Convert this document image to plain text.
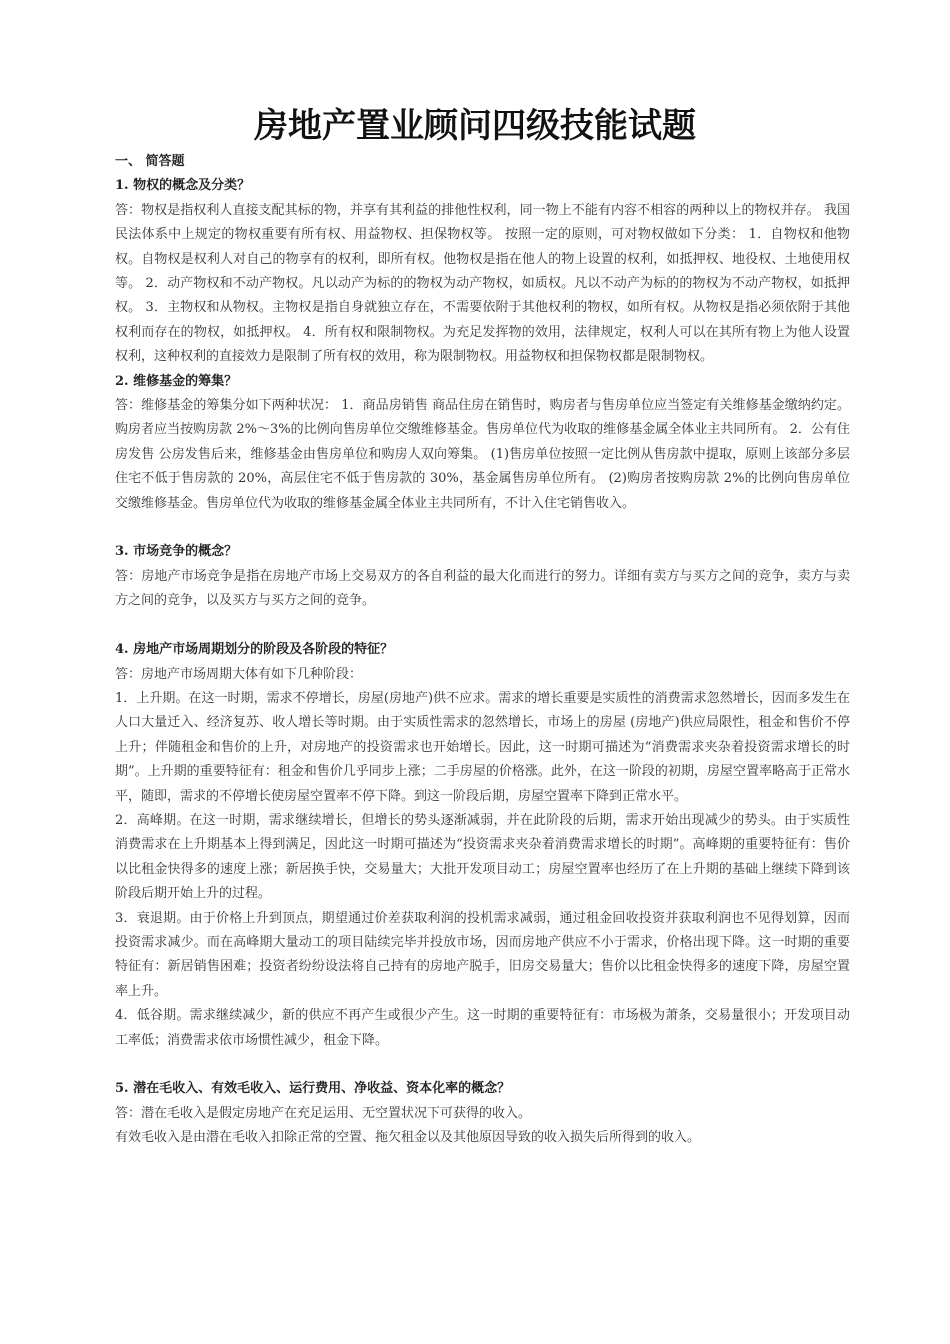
房地产置业顾问四级技能试题

一、 简答题

1. 物权的概念及分类？

答：物权是指权利人直接支配其标的物，并享有其利益的排他性权利，同一物上不能有内容不相容的两种以上的物权并存。 我国民法体系中上规定的物权重要有所有权、用益物权、担保物权等。 按照一定的原则，可对物权做如下分类： 1．自物权和他物权。自物权是权利人对自己的物享有的权利，即所有权。他物权是指在他人的物上设置的权利，如抵押权、地役权、土地使用权等。 2．动产物权和不动产物权。凡以动产为标的的物权为动产物权，如质权。凡以不动产为标的的物权为不动产物权，如抵押权。 3．主物权和从物权。主物权是指自身就独立存在，不需要依附于其他权利的物权，如所有权。从物权是指必须依附于其他权利而存在的物权，如抵押权。 4．所有权和限制物权。为充足发挥物的效用，法律规定，权利人可以在其所有物上为他人设置权利，这种权利的直接效力是限制了所有权的效用，称为限制物权。用益物权和担保物权都是限制物权。

2. 维修基金的筹集？

答：维修基金的筹集分如下两种状况： 1．商品房销售 商品住房在销售时，购房者与售房单位应当签定有关维修基金缴纳约定。购房者应当按购房款 2%～3%的比例向售房单位交缴维修基金。售房单位代为收取的维修基金属全体业主共同所有。 2．公有住房发售 公房发售后来，维修基金由售房单位和购房人双向筹集。 (1)售房单位按照一定比例从售房款中提取，原则上该部分多层住宅不低于售房款的 20%，高层住宅不低于售房款的 30%，基金属售房单位所有。 (2)购房者按购房款 2%的比例向售房单位交缴维修基金。售房单位代为收取的维修基金属全体业主共同所有，不计入住宅销售收入。

3. 市场竞争的概念？

答：房地产市场竞争是指在房地产市场上交易双方的各自利益的最大化而进行的努力。详细有卖方与买方之间的竞争，卖方与卖方之间的竞争，以及买方与买方之间的竞争。

4. 房地产市场周期划分的阶段及各阶段的特征？

答：房地产市场周期大体有如下几种阶段：

1．上升期。在这一时期，需求不停增长，房屋(房地产)供不应求。需求的增长重要是实质性的消费需求忽然增长，因而多发生在人口大量迁入、经济复苏、收人增长等时期。由于实质性需求的忽然增长，市场上的房屋 (房地产)供应局限性，租金和售价不停上升；伴随租金和售价的上升，对房地产的投资需求也开始增长。因此，这一时期可描述为“消费需求夹杂着投资需求增长的时期”。上升期的重要特征有：租金和售价几乎同步上涨；二手房屋的价格涨。此外，在这一阶段的初期，房屋空置率略高于正常水平，随即，需求的不停增长使房屋空置率不停下降。到这一阶段后期，房屋空置率下降到正常水平。

2．高峰期。在这一时期，需求继续增长，但增长的势头逐渐减弱，并在此阶段的后期，需求开始出现减少的势头。由于实质性消费需求在上升期基本上得到满足，因此这一时期可描述为“投资需求夹杂着消费需求增长的时期”。高峰期的重要特征有：售价以比租金快得多的速度上涨；新居换手快，交易量大；大批开发项目动工；房屋空置率也经历了在上升期的基础上继续下降到该阶段后期开始上升的过程。

3．衰退期。由于价格上升到顶点，期望通过价差获取利润的投机需求减弱，通过租金回收投资并获取利润也不见得划算，因而投资需求减少。而在高峰期大量动工的项目陆续完毕并投放市场，因而房地产供应不小于需求，价格出现下降。这一时期的重要特征有：新居销售困难；投资者纷纷设法将自己持有的房地产脱手，旧房交易量大；售价以比租金快得多的速度下降，房屋空置率上升。

4．低谷期。需求继续减少，新的供应不再产生或很少产生。这一时期的重要特征有：市场极为萧条，交易量很小；开发项目动工率低；消费需求依市场惯性减少，租金下降。

5. 潜在毛收入、有效毛收入、运行费用、净收益、资本化率的概念？

答：潜在毛收入是假定房地产在充足运用、无空置状况下可获得的收入。

有效毛收入是由潜在毛收入扣除正常的空置、拖欠租金以及其他原因导致的收入损失后所得到的收入。
